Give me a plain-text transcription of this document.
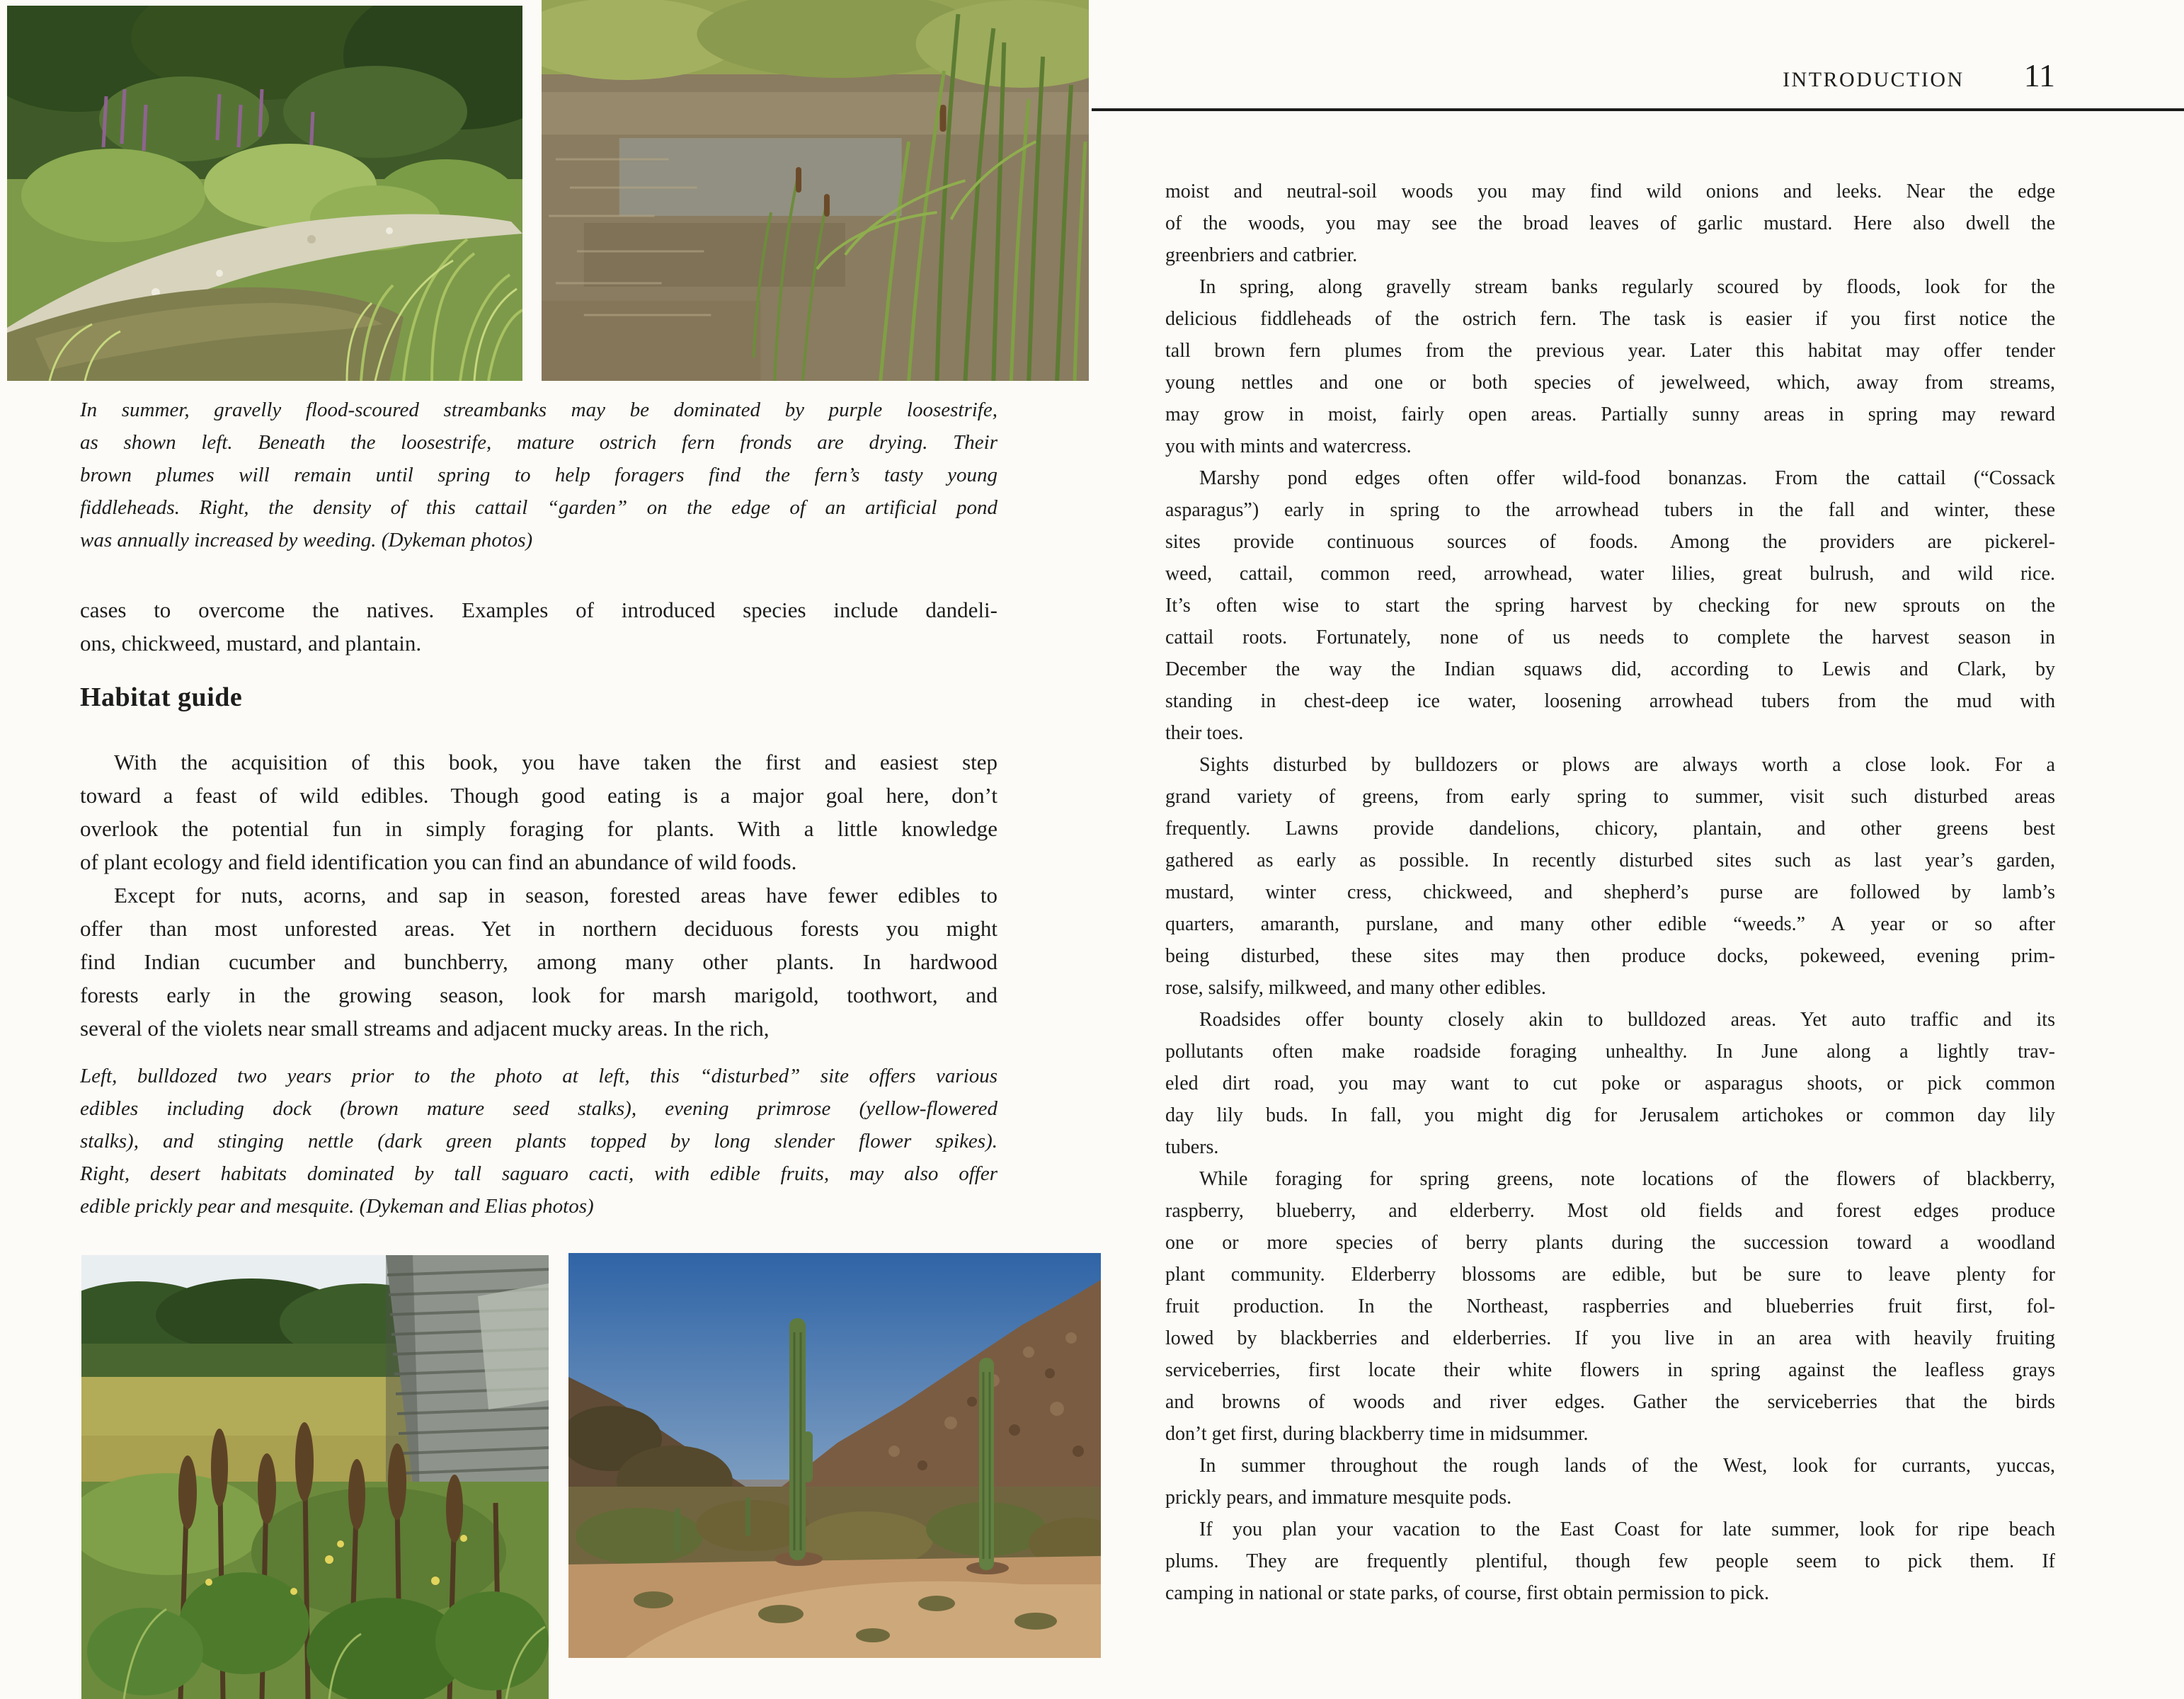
In summer, gravelly flood-scoured streambanks may be dominated by purple loosestrife,
as shown left. Beneath the loosestrife, mature ostrich fern fronds are drying. Their
brown plumes will remain until spring to help foragers find the fern’s tasty young
fiddleheads. Right, the density of this cattail “garden” on the edge of an artificial pond
was annually increased by weeding. (Dykeman photos)
cases to overcome the natives. Examples of introduced species include dandeli-
ons, chickweed, mustard, and plantain.
Habitat guide
With the acquisition of this book, you have taken the first and easiest step
toward a feast of wild edibles. Though good eating is a major goal here, don’t
overlook the potential fun in simply foraging for plants. With a little knowledge
of plant ecology and field identification you can find an abundance of wild foods.
Except for nuts, acorns, and sap in season, forested areas have fewer edibles to
offer than most unforested areas. Yet in northern deciduous forests you might
find Indian cucumber and bunchberry, among many other plants. In hardwood
forests early in the growing season, look for marsh marigold, toothwort, and
several of the violets near small streams and adjacent mucky areas. In the rich,
Left, bulldozed two years prior to the photo at left, this “disturbed” site offers various
edibles including dock (brown mature seed stalks), evening primrose (yellow-flowered
stalks), and stinging nettle (dark green plants topped by long slender flower spikes).
Right, desert habitats dominated by tall saguaro cacti, with edible fruits, may also offer
edible prickly pear and mesquite. (Dykeman and Elias photos)
INTRODUCTION 11
moist and neutral-soil woods you may find wild onions and leeks. Near the edge
of the woods, you may see the broad leaves of garlic mustard. Here also dwell the
greenbriers and catbrier.
In spring, along gravelly stream banks regularly scoured by floods, look for the
delicious fiddleheads of the ostrich fern. The task is easier if you first notice the
tall brown fern plumes from the previous year. Later this habitat may offer tender
young nettles and one or both species of jewelweed, which, away from streams,
may grow in moist, fairly open areas. Partially sunny areas in spring may reward
you with mints and watercress.
Marshy pond edges often offer wild-food bonanzas. From the cattail (“Cossack
asparagus”) early in spring to the arrowhead tubers in the fall and winter, these
sites provide continuous sources of foods. Among the providers are pickerel-
weed, cattail, common reed, arrowhead, water lilies, great bulrush, and wild rice.
It’s often wise to start the spring harvest by checking for new sprouts on the
cattail roots. Fortunately, none of us needs to complete the harvest season in
December the way the Indian squaws did, according to Lewis and Clark, by
standing in chest-deep ice water, loosening arrowhead tubers from the mud with
their toes.
Sights disturbed by bulldozers or plows are always worth a close look. For a
grand variety of greens, from early spring to summer, visit such disturbed areas
frequently. Lawns provide dandelions, chicory, plantain, and other greens best
gathered as early as possible. In recently disturbed sites such as last year’s garden,
mustard, winter cress, chickweed, and shepherd’s purse are followed by lamb’s
quarters, amaranth, purslane, and many other edible “weeds.” A year or so after
being disturbed, these sites may then produce docks, pokeweed, evening prim-
rose, salsify, milkweed, and many other edibles.
Roadsides offer bounty closely akin to bulldozed areas. Yet auto traffic and its
pollutants often make roadside foraging unhealthy. In June along a lightly trav-
eled dirt road, you may want to cut poke or asparagus shoots, or pick common
day lily buds. In fall, you might dig for Jerusalem artichokes or common day lily
tubers.
While foraging for spring greens, note locations of the flowers of blackberry,
raspberry, blueberry, and elderberry. Most old fields and forest edges produce
one or more species of berry plants during the succession toward a woodland
plant community. Elderberry blossoms are edible, but be sure to leave plenty for
fruit production. In the Northeast, raspberries and blueberries fruit first, fol-
lowed by blackberries and elderberries. If you live in an area with heavily fruiting
serviceberries, first locate their white flowers in spring against the leafless grays
and browns of woods and river edges. Gather the serviceberries that the birds
don’t get first, during blackberry time in midsummer.
In summer throughout the rough lands of the West, look for currants, yuccas,
prickly pears, and immature mesquite pods.
If you plan your vacation to the East Coast for late summer, look for ripe beach
plums. They are frequently plentiful, though few people seem to pick them. If
camping in national or state parks, of course, first obtain permission to pick.
